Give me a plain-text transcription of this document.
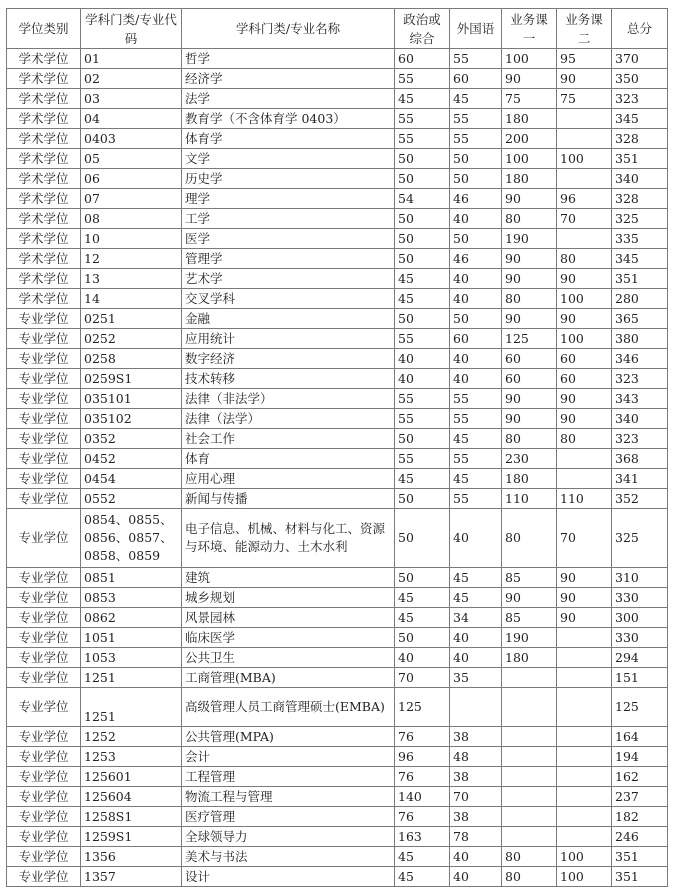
学位类别	学科门类/专业代码	学科门类/专业名称	政治或综合	外国语	业务课一	业务课二	总分
学术学位	01	哲学	60	55	100	95	370
学术学位	02	经济学	55	60	90	90	350
学术学位	03	法学	45	45	75	75	323
学术学位	04	教育学（不含体育学 0403）	55	55	180		345
学术学位	0403	体育学	55	55	200		328
学术学位	05	文学	50	50	100	100	351
学术学位	06	历史学	50	50	180		340
学术学位	07	理学	54	46	90	96	328
学术学位	08	工学	50	40	80	70	325
学术学位	10	医学	50	50	190		335
学术学位	12	管理学	50	46	90	80	345
学术学位	13	艺术学	45	40	90	90	351
学术学位	14	交叉学科	45	40	80	100	280
专业学位	0251	金融	50	50	90	90	365
专业学位	0252	应用统计	55	60	125	100	380
专业学位	0258	数字经济	40	40	60	60	346
专业学位	0259S1	技术转移	40	40	60	60	323
专业学位	035101	法律（非法学）	55	55	90	90	343
专业学位	035102	法律（法学）	55	55	90	90	340
专业学位	0352	社会工作	50	45	80	80	323
专业学位	0452	体育	55	55	230		368
专业学位	0454	应用心理	45	45	180		341
专业学位	0552	新闻与传播	50	55	110	110	352
专业学位	0854、0855、0856、0857、0858、0859	电子信息、机械、材料与化工、资源与环境、能源动力、土木水利	50	40	80	70	325
专业学位	0851	建筑	50	45	85	90	310
专业学位	0853	城乡规划	45	45	90	90	330
专业学位	0862	风景园林	45	34	85	90	300
专业学位	1051	临床医学	50	40	190		330
专业学位	1053	公共卫生	40	40	180		294
专业学位	1251	工商管理(MBA)	70	35			151
专业学位	1251	高级管理人员工商管理硕士(EMBA)	125				125
专业学位	1252	公共管理(MPA)	76	38			164
专业学位	1253	会计	96	48			194
专业学位	125601	工程管理	76	38			162
专业学位	125604	物流工程与管理	140	70			237
专业学位	1258S1	医疗管理	76	38			182
专业学位	1259S1	全球领导力	163	78			246
专业学位	1356	美术与书法	45	40	80	100	351
专业学位	1357	设计	45	40	80	100	351
